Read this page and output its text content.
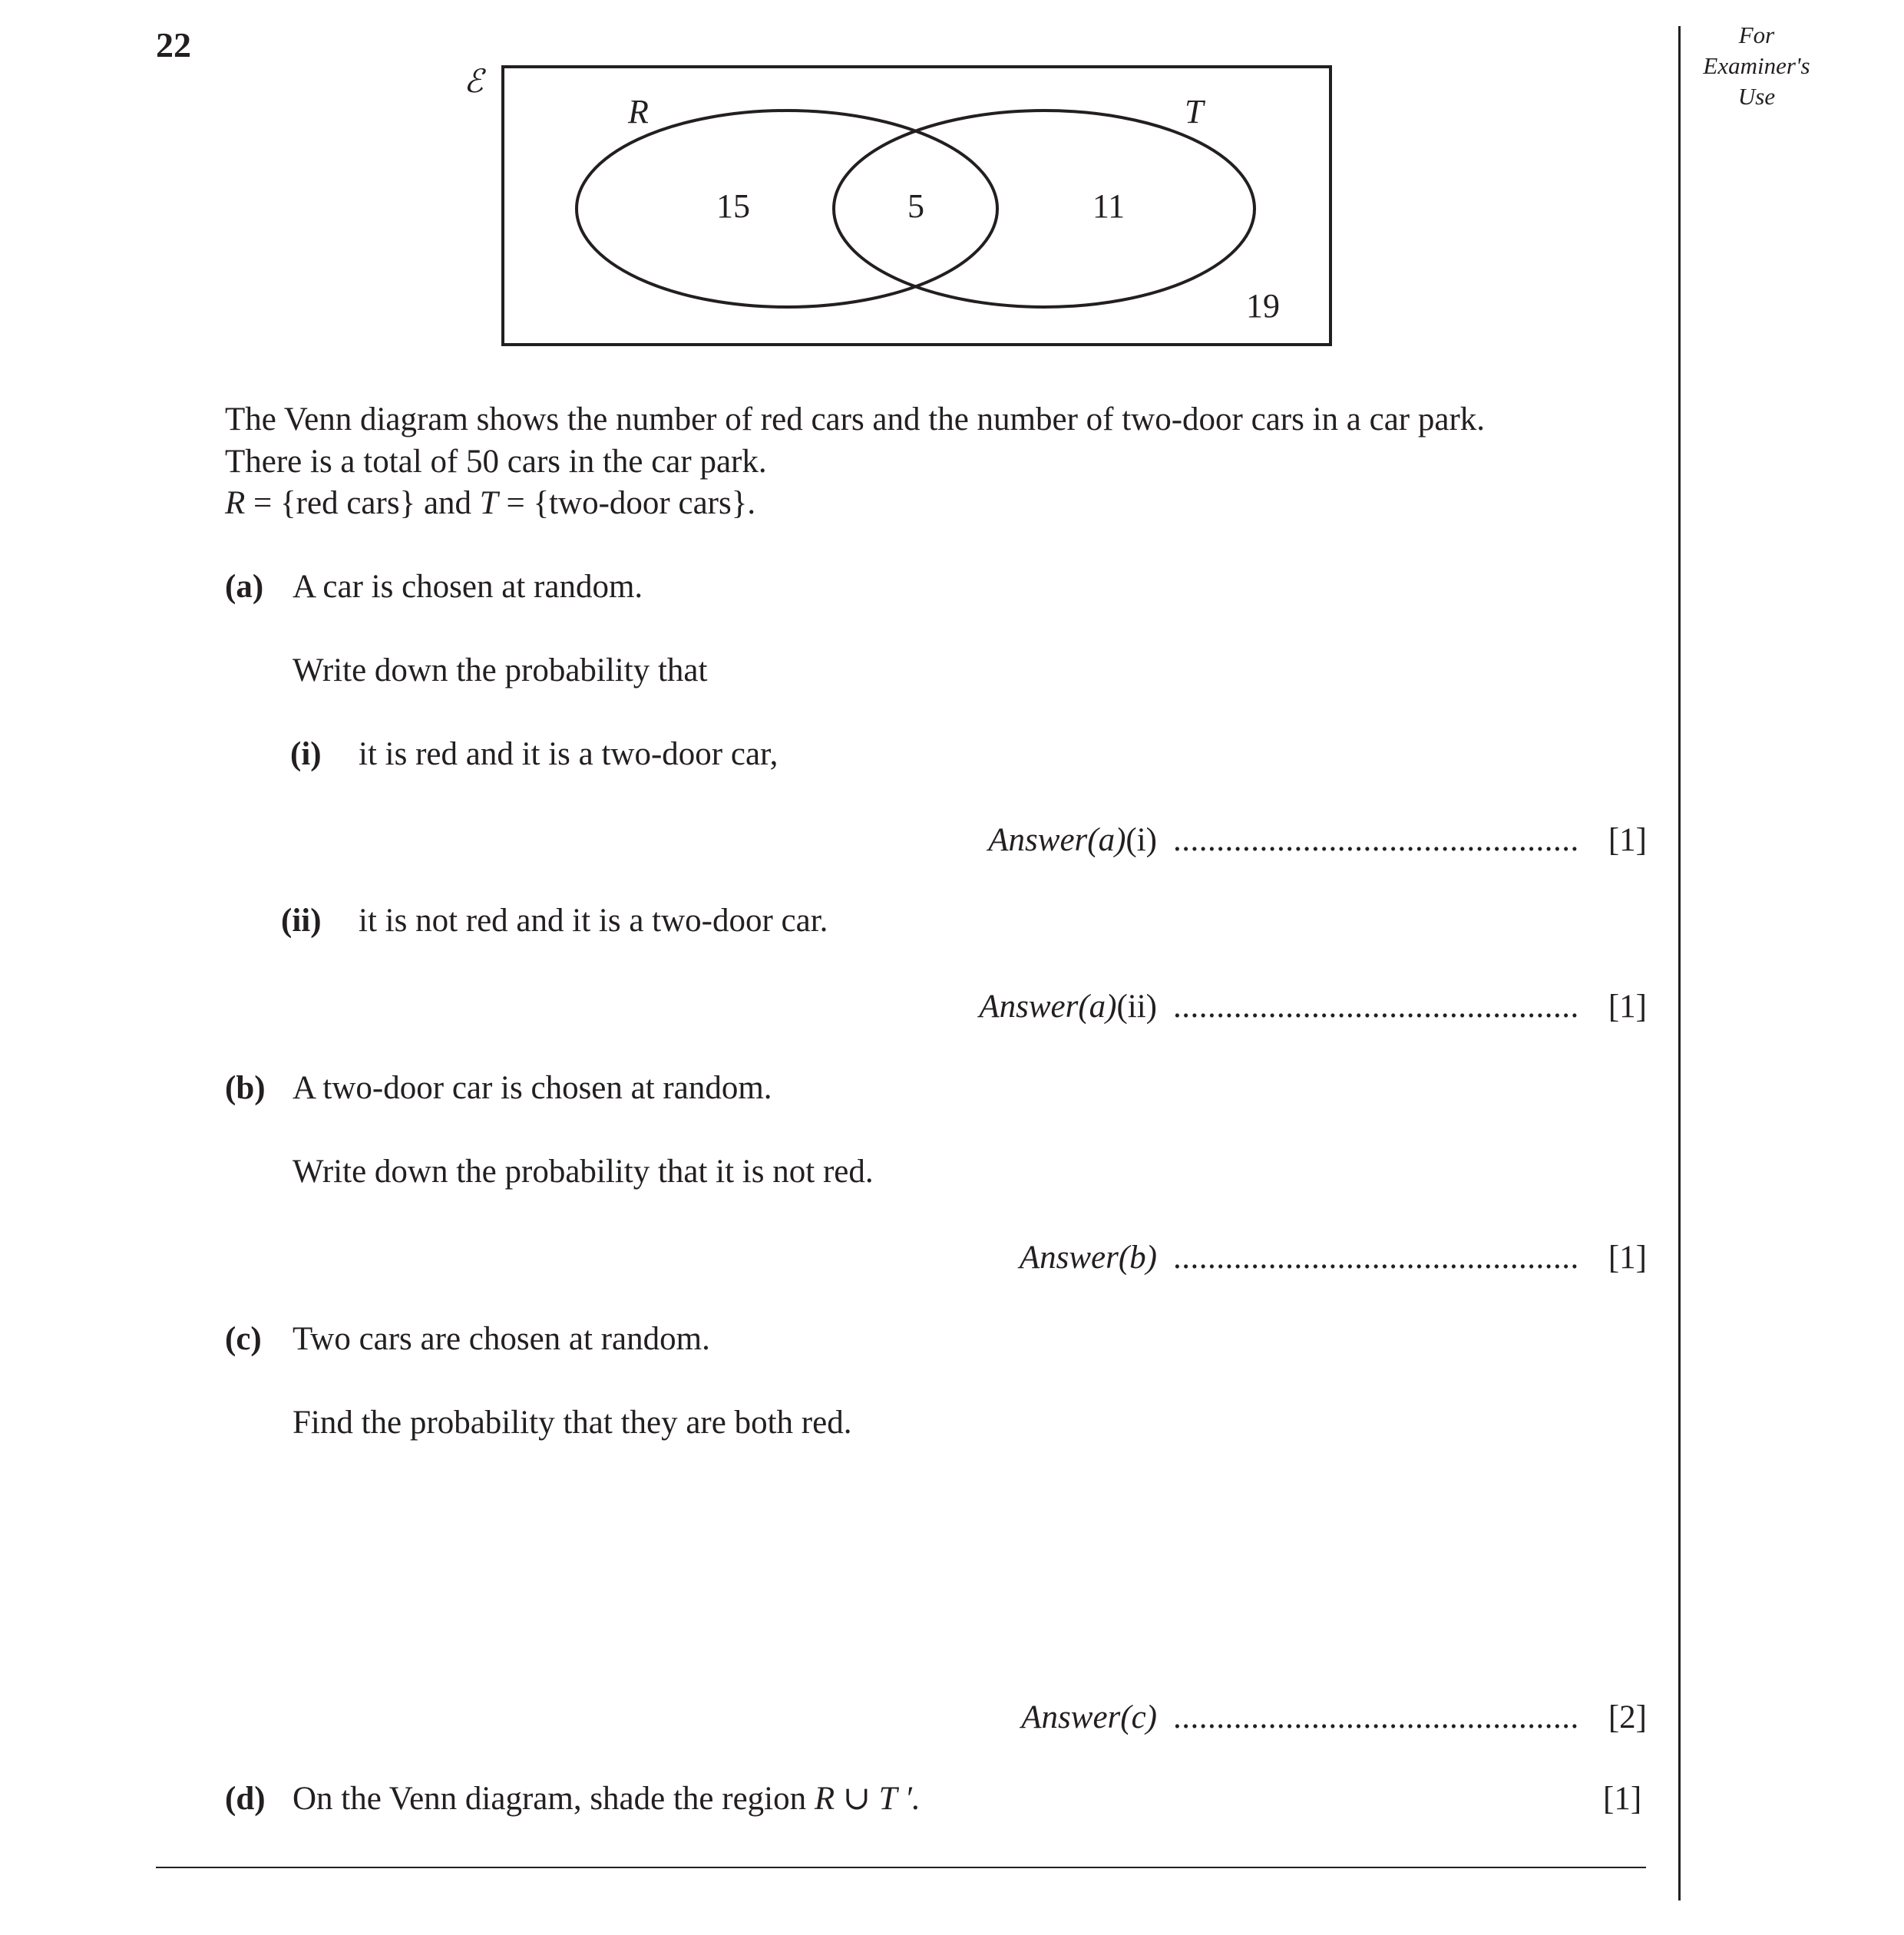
22	For
Examiner's
Use
ℰ
R	T
15	5	11
19
The Venn diagram shows the number of red cars and the number of two-door cars in a car park.
There is a total of 50 cars in the car park.
R = {red cars} and T = {two-door cars}.
(a) A car is chosen at random.
Write down the probability that
(i) it is red and it is a two-door car,
Answer(a)(i) ............................................... [1]
(ii) it is not red and it is a two-door car.
Answer(a)(ii) ............................................... [1]
(b) A two-door car is chosen at random.
Write down the probability that it is not red.
Answer(b) ............................................... [1]
(c) Two cars are chosen at random.
Find the probability that they are both red.
Answer(c) ............................................... [2]
(d) On the Venn diagram, shade the region R ∪ T ′.	[1]
